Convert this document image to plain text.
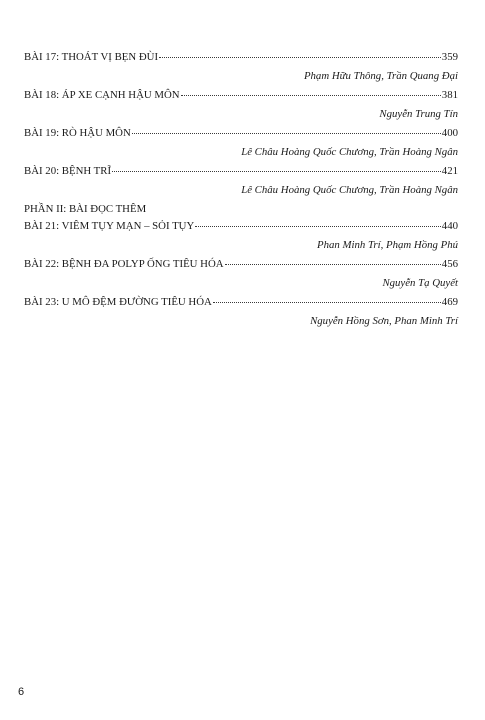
BÀI 17: THOÁT VỊ BẸN ĐÙI	359
Phạm Hữu Thông, Trần Quang Đại
BÀI 18: ÁP XE CẠNH HẬU MÔN	381
Nguyễn Trung Tín
BÀI 19: RÒ HẬU MÔN	400
Lê Châu Hoàng Quốc Chương, Trần Hoàng Ngân
BÀI 20: BỆNH TRĨ	421
Lê Châu Hoàng Quốc Chương, Trần Hoàng Ngân
PHẦN II: BÀI ĐỌC THÊM
BÀI 21: VIÊM TỤY MẠN – SỎI TỤY	440
Phan Minh Trí, Phạm Hồng Phú
BÀI 22: BỆNH ĐA POLYP ỐNG TIÊU HÓA	456
Nguyễn Tạ Quyết
BÀI 23: U MÔ ĐỆM ĐƯỜNG TIÊU HÓA	469
Nguyễn Hồng Sơn, Phan Minh Trí
6
